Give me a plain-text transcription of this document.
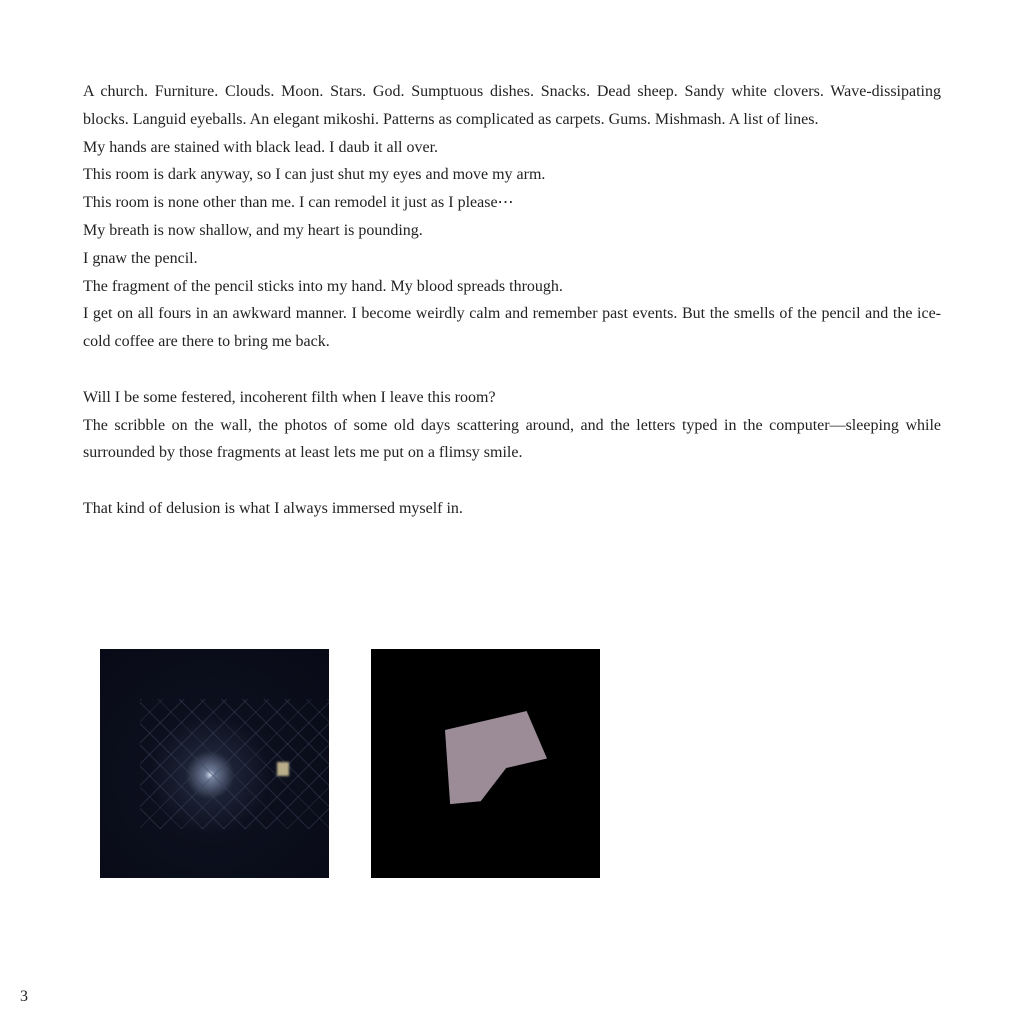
A church. Furniture. Clouds. Moon. Stars. God. Sumptuous dishes. Snacks. Dead sheep. Sandy white clovers. Wave-dissipating blocks. Languid eyeballs. An elegant mikoshi. Patterns as complicated as carpets. Gums. Mishmash. A list of lines.

My hands are stained with black lead. I daub it all over.

This room is dark anyway, so I can just shut my eyes and move my arm.

This room is none other than me. I can remodel it just as I please⋯

My breath is now shallow, and my heart is pounding.

I gnaw the pencil.

The fragment of the pencil sticks into my hand. My blood spreads through.

I get on all fours in an awkward manner. I become weirdly calm and remember past events. But the smells of the pencil and the ice-cold coffee are there to bring me back.

Will I be some festered, incoherent filth when I leave this room?

The scribble on the wall, the photos of some old days scattering around, and the letters typed in the computer—sleeping while surrounded by those fragments at least lets me put on a flimsy smile.

That kind of delusion is what I always immersed myself in.

3
